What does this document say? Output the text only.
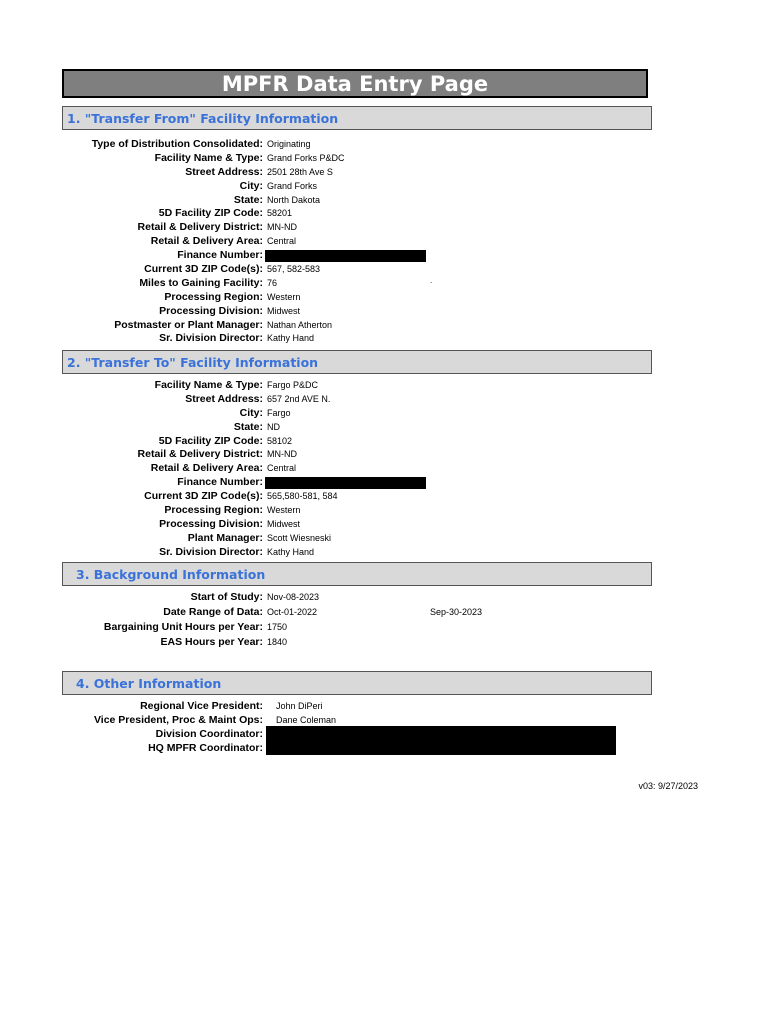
MPFR Data Entry Page
1. "Transfer From" Facility Information
Type of Distribution Consolidated: Originating
Facility Name & Type: Grand Forks P&DC
Street Address: 2501 28th Ave S
City: Grand Forks
State: North Dakota
5D Facility ZIP Code: 58201
Retail & Delivery District: MN-ND
Retail & Delivery Area: Central
Finance Number:
Current 3D ZIP Code(s): 567, 582-583
Miles to Gaining Facility: 76
Processing Region: Western
Processing Division: Midwest
Postmaster or Plant Manager: Nathan Atherton
Sr. Division Director: Kathy Hand
.
2. "Transfer To" Facility Information
Facility Name & Type: Fargo P&DC
Street Address: 657 2nd AVE N.
City: Fargo
State: ND
5D Facility ZIP Code: 58102
Retail & Delivery District: MN-ND
Retail & Delivery Area: Central
Finance Number:
Current 3D ZIP Code(s): 565,580-581, 584
Processing Region: Western
Processing Division: Midwest
Plant Manager: Scott Wiesneski
Sr. Division Director: Kathy Hand
3. Background Information
Start of Study: Nov-08-2023
Date Range of Data: Oct-01-2022	Sep-30-2023
Bargaining Unit Hours per Year: 1750
EAS Hours per Year: 1840
4. Other Information
Regional Vice President: John DiPeri
Vice President, Proc & Maint Ops: Dane Coleman
Division Coordinator:
HQ MPFR Coordinator:
v03: 9/27/2023
